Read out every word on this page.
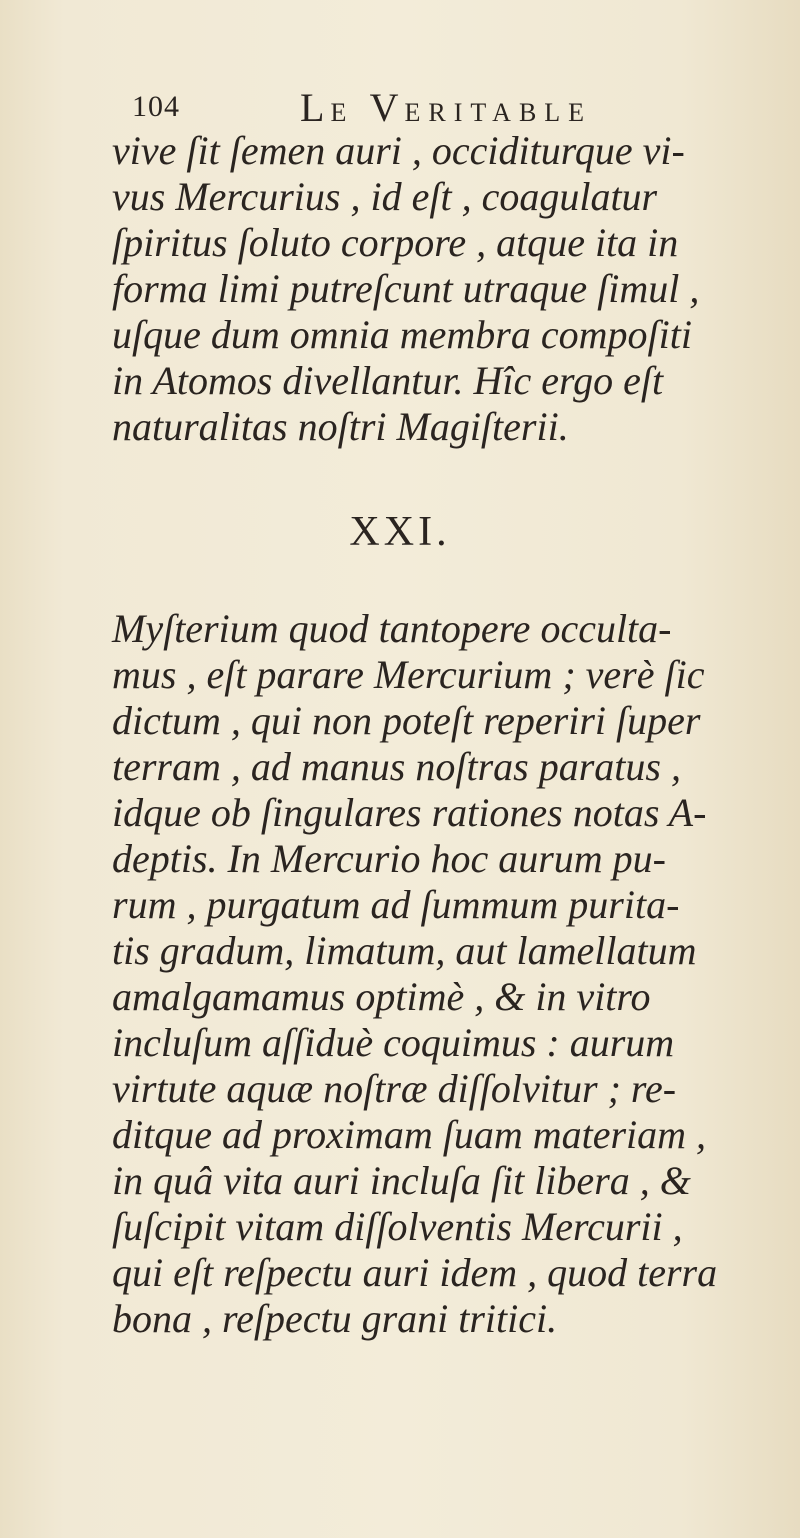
104	LE VERITABLE
vive ſit ſemen auri , occiditurque vi-
vus Mercurius , id eſt , coagulatur
ſpiritus ſoluto corpore , atque ita in
forma limi putreſcunt utraque ſimul ,
uſque dum omnia membra compoſiti
in Atomos divellantur. Hîc ergo eſt
naturalitas noſtri Magiſterii.
XXI.
Myſterium quod tantopere occulta-
mus , eſt parare Mercurium ; verè ſic
dictum , qui non poteſt reperiri ſuper
terram , ad manus noſtras paratus ,
idque ob ſingulares rationes notas A-
deptis. In Mercurio hoc aurum pu-
rum , purgatum ad ſummum purita-
tis gradum, limatum, aut lamellatum
amalgamamus optimè , & in vitro
incluſum aſſiduè coquimus : aurum
virtute aquæ noſtræ diſſolvitur ; re-
ditque ad proximam ſuam materiam ,
in quâ vita auri incluſa ſit libera , &
ſuſcipit vitam diſſolventis Mercurii ,
qui eſt reſpectu auri idem , quod terra
bona , reſpectu grani tritici.
